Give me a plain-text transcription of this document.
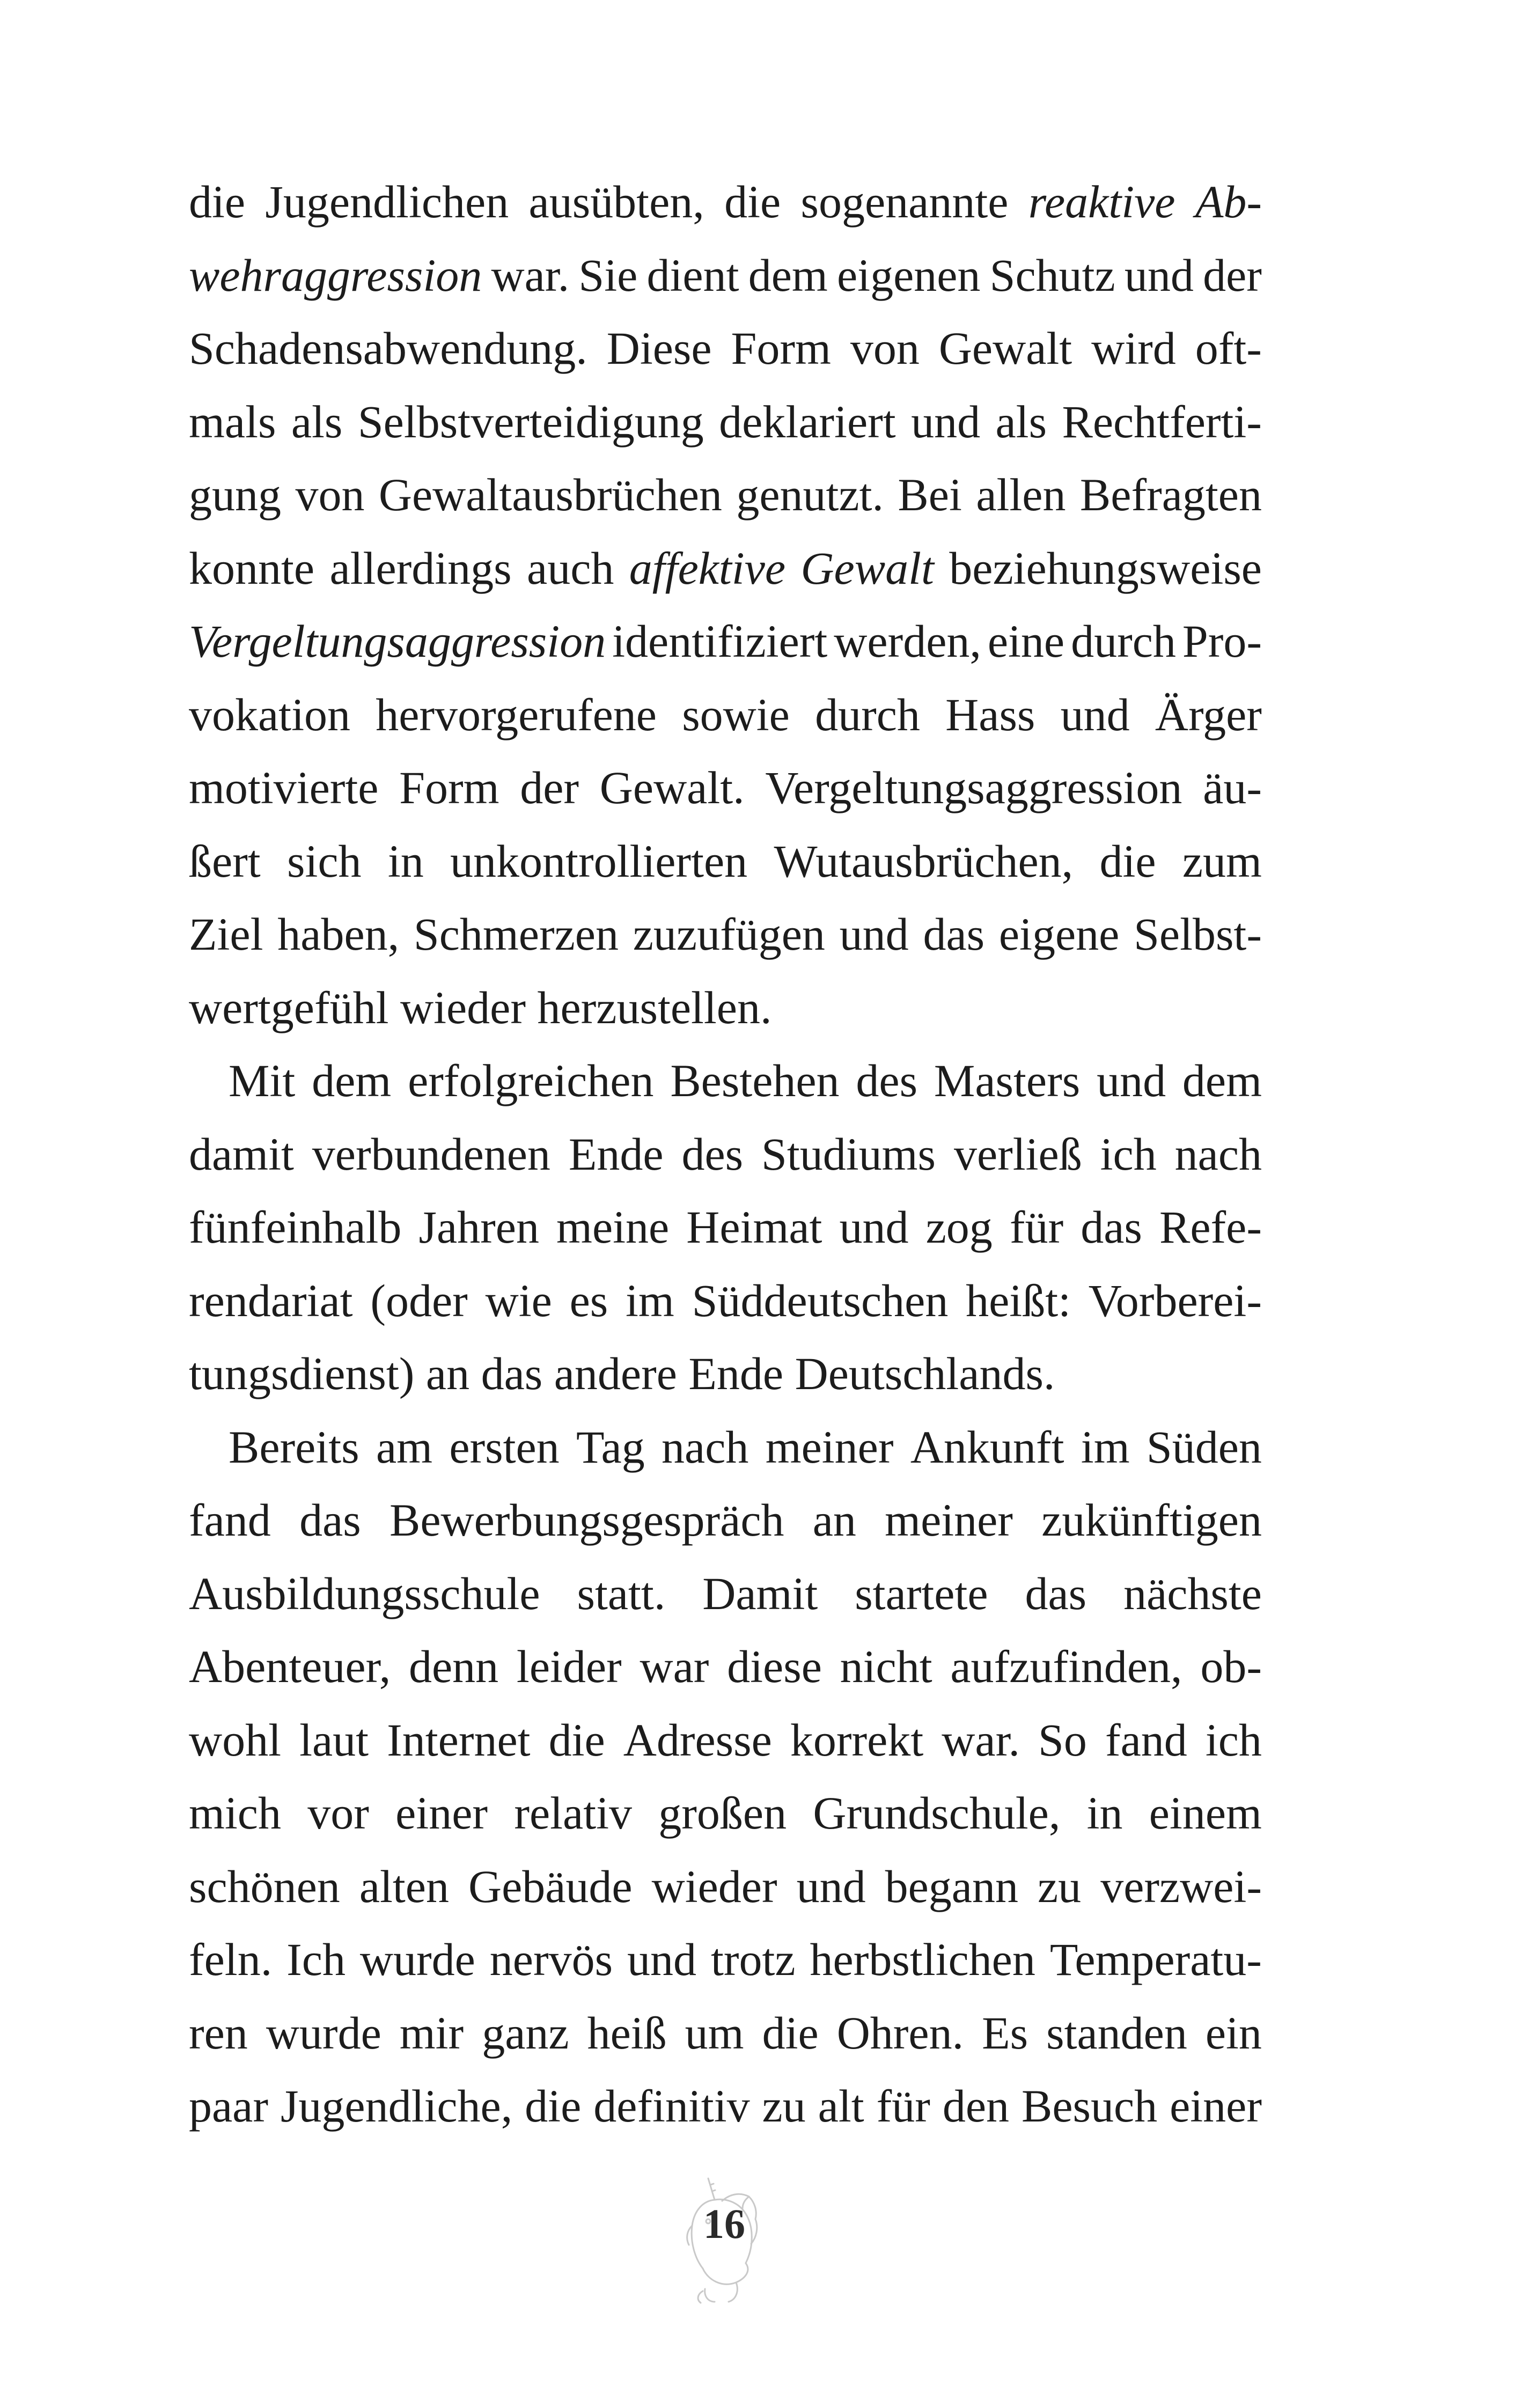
die Jugendlichen ausübten, die sogenannte reaktive Ab-
wehraggression war. Sie dient dem eigenen Schutz und der
Schadensabwendung. Diese Form von Gewalt wird oft-
mals als Selbstverteidigung deklariert und als Rechtferti-
gung von Gewaltausbrüchen genutzt. Bei allen Befragten
konnte allerdings auch affektive Gewalt beziehungsweise
Vergeltungsaggression identifiziert werden, eine durch Pro-
vokation hervorgerufene sowie durch Hass und Ärger
motivierte Form der Gewalt. Vergeltungsaggression äu-
ßert sich in unkontrollierten Wutausbrüchen, die zum
Ziel haben, Schmerzen zuzufügen und das eigene Selbst-
wertgefühl wieder herzustellen.
Mit dem erfolgreichen Bestehen des Masters und dem
damit verbundenen Ende des Studiums verließ ich nach
fünfeinhalb Jahren meine Heimat und zog für das Refe-
rendariat (oder wie es im Süddeutschen heißt: Vorberei-
tungsdienst) an das andere Ende Deutschlands.
Bereits am ersten Tag nach meiner Ankunft im Süden
fand das Bewerbungsgespräch an meiner zukünftigen
Ausbildungsschule statt. Damit startete das nächste
Abenteuer, denn leider war diese nicht aufzufinden, ob-
wohl laut Internet die Adresse korrekt war. So fand ich
mich vor einer relativ großen Grundschule, in einem
schönen alten Gebäude wieder und begann zu verzwei-
feln. Ich wurde nervös und trotz herbstlichen Temperatu-
ren wurde mir ganz heiß um die Ohren. Es standen ein
paar Jugendliche, die definitiv zu alt für den Besuch einer
16
